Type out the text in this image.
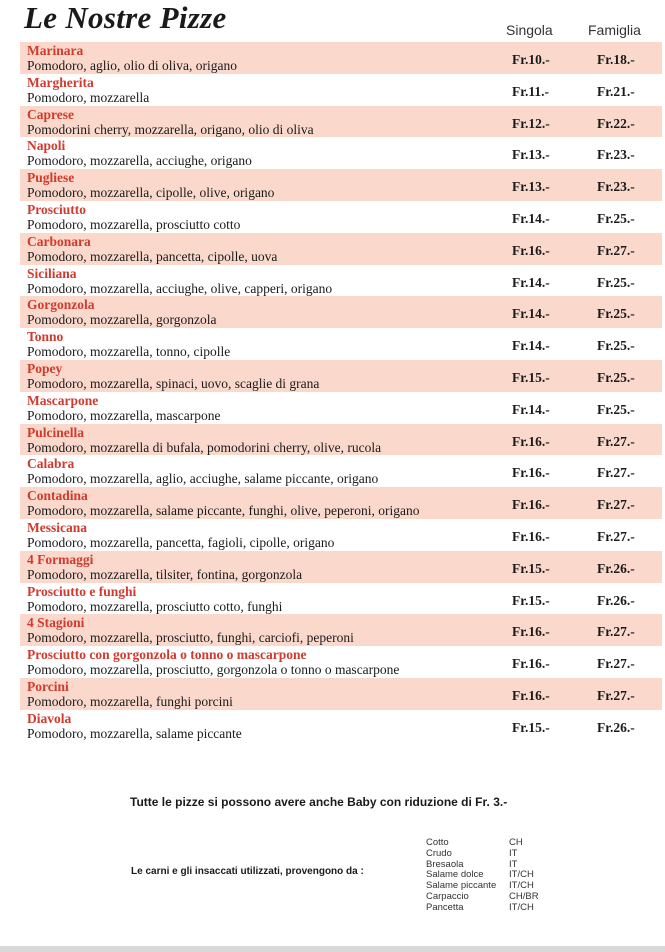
Le Nostre Pizze	Singola	Famiglia
Marinara
Pomodoro, aglio, olio di oliva, origano	Fr.10.-	Fr.18.-
Margherita
Pomodoro, mozzarella	Fr.11.-	Fr.21.-
Caprese
Pomodorini cherry, mozzarella, origano, olio di oliva	Fr.12.-	Fr.22.-
Napoli
Pomodoro, mozzarella, acciughe, origano	Fr.13.-	Fr.23.-
Pugliese
Pomodoro, mozzarella, cipolle, olive, origano	Fr.13.-	Fr.23.-
Prosciutto
Pomodoro, mozzarella, prosciutto cotto	Fr.14.-	Fr.25.-
Carbonara
Pomodoro, mozzarella, pancetta, cipolle, uova	Fr.16.-	Fr.27.-
Siciliana
Pomodoro, mozzarella, acciughe, olive, capperi, origano	Fr.14.-	Fr.25.-
Gorgonzola
Pomodoro, mozzarella, gorgonzola	Fr.14.-	Fr.25.-
Tonno
Pomodoro, mozzarella, tonno, cipolle	Fr.14.-	Fr.25.-
Popey
Pomodoro, mozzarella, spinaci, uovo, scaglie di grana	Fr.15.-	Fr.25.-
Mascarpone
Pomodoro, mozzarella, mascarpone	Fr.14.-	Fr.25.-
Pulcinella
Pomodoro, mozzarella di bufala, pomodorini cherry, olive, rucola	Fr.16.-	Fr.27.-
Calabra
Pomodoro, mozzarella, aglio, acciughe, salame piccante, origano	Fr.16.-	Fr.27.-
Contadina
Pomodoro, mozzarella, salame piccante, funghi, olive, peperoni, origano	Fr.16.-	Fr.27.-
Messicana
Pomodoro, mozzarella, pancetta, fagioli, cipolle, origano	Fr.16.-	Fr.27.-
4 Formaggi
Pomodoro, mozzarella, tilsiter, fontina, gorgonzola	Fr.15.-	Fr.26.-
Prosciutto e funghi
Pomodoro, mozzarella, prosciutto cotto, funghi	Fr.15.-	Fr.26.-
4 Stagioni
Pomodoro, mozzarella, prosciutto, funghi, carciofi, peperoni	Fr.16.-	Fr.27.-
Prosciutto con gorgonzola o tonno o mascarpone
Pomodoro, mozzarella, prosciutto, gorgonzola o tonno o mascarpone	Fr.16.-	Fr.27.-
Porcini
Pomodoro, mozzarella, funghi porcini	Fr.16.-	Fr.27.-
Diavola
Pomodoro, mozzarella, salame piccante	Fr.15.-	Fr.26.-
Tutte le pizze si possono avere anche Baby con riduzione di Fr. 3.-
Le carni e gli insaccati utilizzati, provengono da :
Cotto	CH
Crudo	IT
Bresaola	IT
Salame dolce	IT/CH
Salame piccante IT/CH
Carpaccio	CH/BR
Pancetta	IT/CH
